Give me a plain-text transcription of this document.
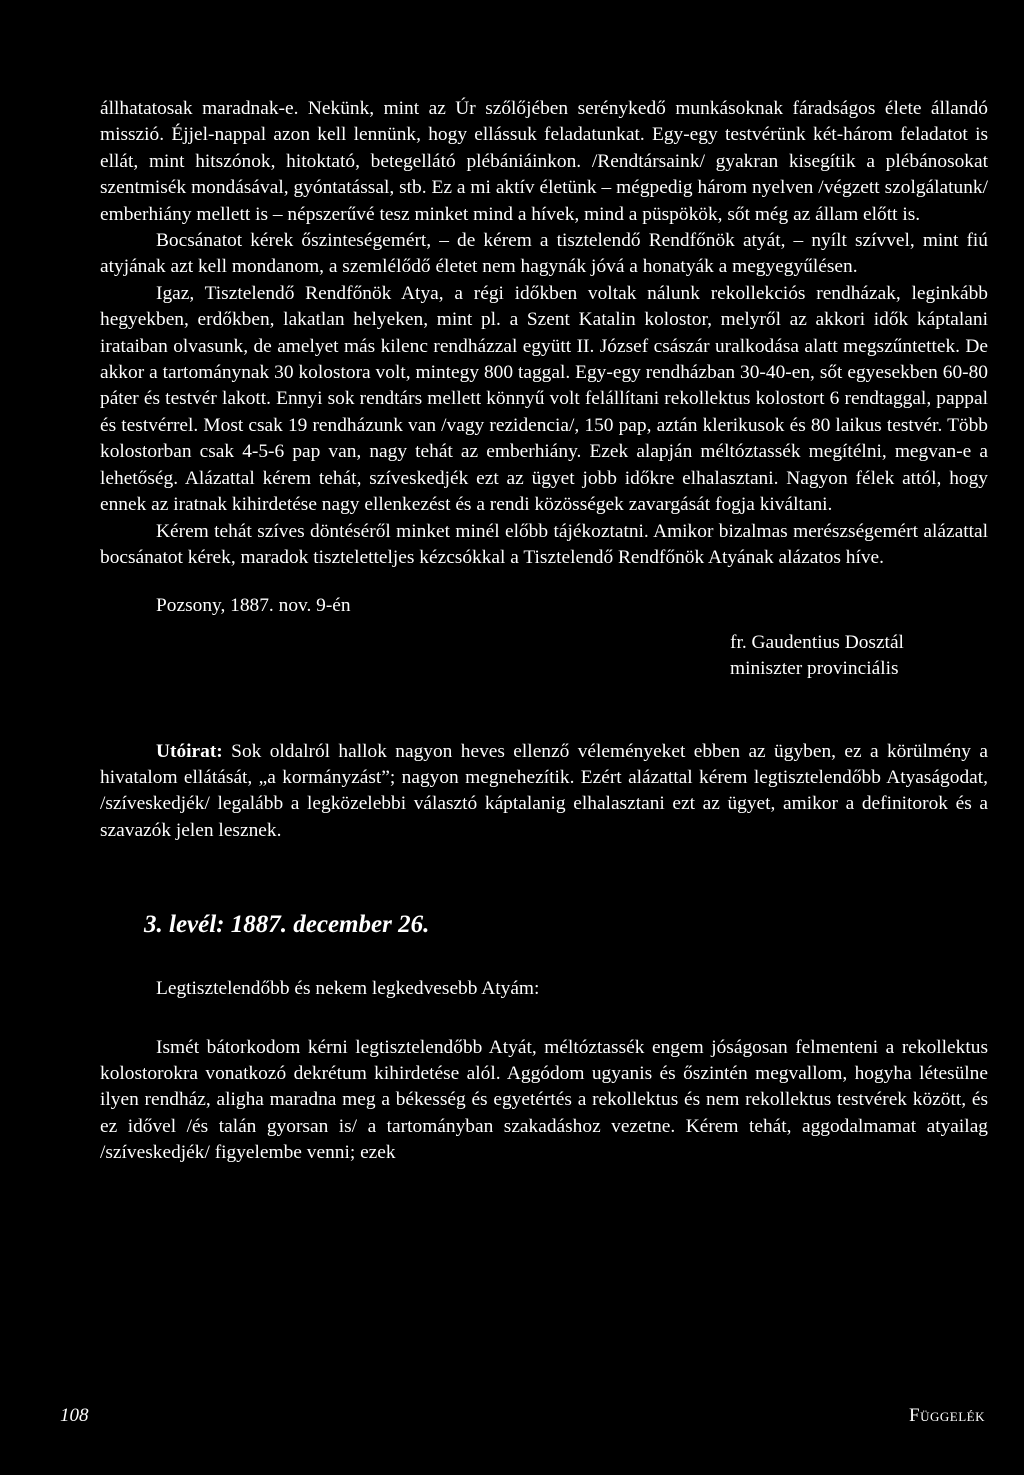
állhatatosak maradnak-e. Nekünk, mint az Úr szőlőjében serénykedő munkásoknak fáradságos élete állandó misszió. Éjjel-nappal azon kell lennünk, hogy ellássuk feladatunkat. Egy-egy testvérünk két-három feladatot is ellát, mint hitszónok, hitoktató, betegellátó plébániáinkon. /Rendtársaink/ gyakran kisegítik a plébánosokat szentmisék mondásával, gyóntatással, stb. Ez a mi aktív életünk – mégpedig három nyelven /végzett szolgálatunk/ emberhiány mellett is – népszerűvé tesz minket mind a hívek, mind a püspökök, sőt még az állam előtt is.

Bocsánatot kérek őszinteségemért, – de kérem a tisztelendő Rendfőnök atyát, – nyílt szívvel, mint fiú atyjának azt kell mondanom, a szemlélődő életet nem hagynák jóvá a honatyák a megyegyűlésen.

Igaz, Tisztelendő Rendfőnök Atya, a régi időkben voltak nálunk rekollekciós rendházak, leginkább hegyekben, erdőkben, lakatlan helyeken, mint pl. a Szent Katalin kolostor, melyről az akkori idők káptalani irataiban olvasunk, de amelyet más kilenc rendházzal együtt II. József császár uralkodása alatt megszűntettek. De akkor a tartománynak 30 kolostora volt, mintegy 800 taggal. Egy-egy rendházban 30-40-en, sőt egyesekben 60-80 páter és testvér lakott. Ennyi sok rendtárs mellett könnyű volt felállítani rekollektus kolostort 6 rendtaggal, pappal és testvérrel. Most csak 19 rendházunk van /vagy rezidencia/, 150 pap, aztán klerikusok és 80 laikus testvér. Több kolostorban csak 4-5-6 pap van, nagy tehát az emberhiány. Ezek alapján méltóztassék megítélni, megvan-e a lehetőség. Alázattal kérem tehát, szíveskedjék ezt az ügyet jobb időkre elhalasztani. Nagyon félek attól, hogy ennek az iratnak kihirdetése nagy ellenkezést és a rendi közösségek zavargását fogja kiváltani.

Kérem tehát szíves döntéséről minket minél előbb tájékoztatni. Amikor bizalmas merészségemért alázattal bocsánatot kérek, maradok tiszteletteljes kézcsókkal a Tisztelendő Rendfőnök Atyának alázatos híve.

Pozsony, 1887. nov. 9-én
fr. Gaudentius Dosztál
miniszter provinciális

Utóirat: Sok oldalról hallok nagyon heves ellenző véleményeket ebben az ügyben, ez a körülmény a hivatalom ellátását, „a kormányzást”; nagyon megnehezítik. Ezért alázattal kérem legtisztelendőbb Atyaságodat, /szíveskedjék/ legalább a legközelebbi választó káptalanig elhalasztani ezt az ügyet, amikor a definitorok és a szavazók jelen lesznek.

3. levél: 1887. december 26.
Legtisztelendőbb és nekem legkedvesebb Atyám:

Ismét bátorkodom kérni legtisztelendőbb Atyát, méltóztassék engem jóságosan felmenteni a rekollektus kolostorokra vonatkozó dekrétum kihirdetése alól. Aggódom ugyanis és őszintén megvallom, hogyha létesülne ilyen rendház, aligha maradna meg a békesség és egyetértés a rekollektus és nem rekollektus testvérek között, és ez idővel /és talán gyorsan is/ a tartományban szakadáshoz vezetne. Kérem tehát, aggodalmamat atyailag /szíveskedjék/ figyelembe venni; ezek

108	Függelék
